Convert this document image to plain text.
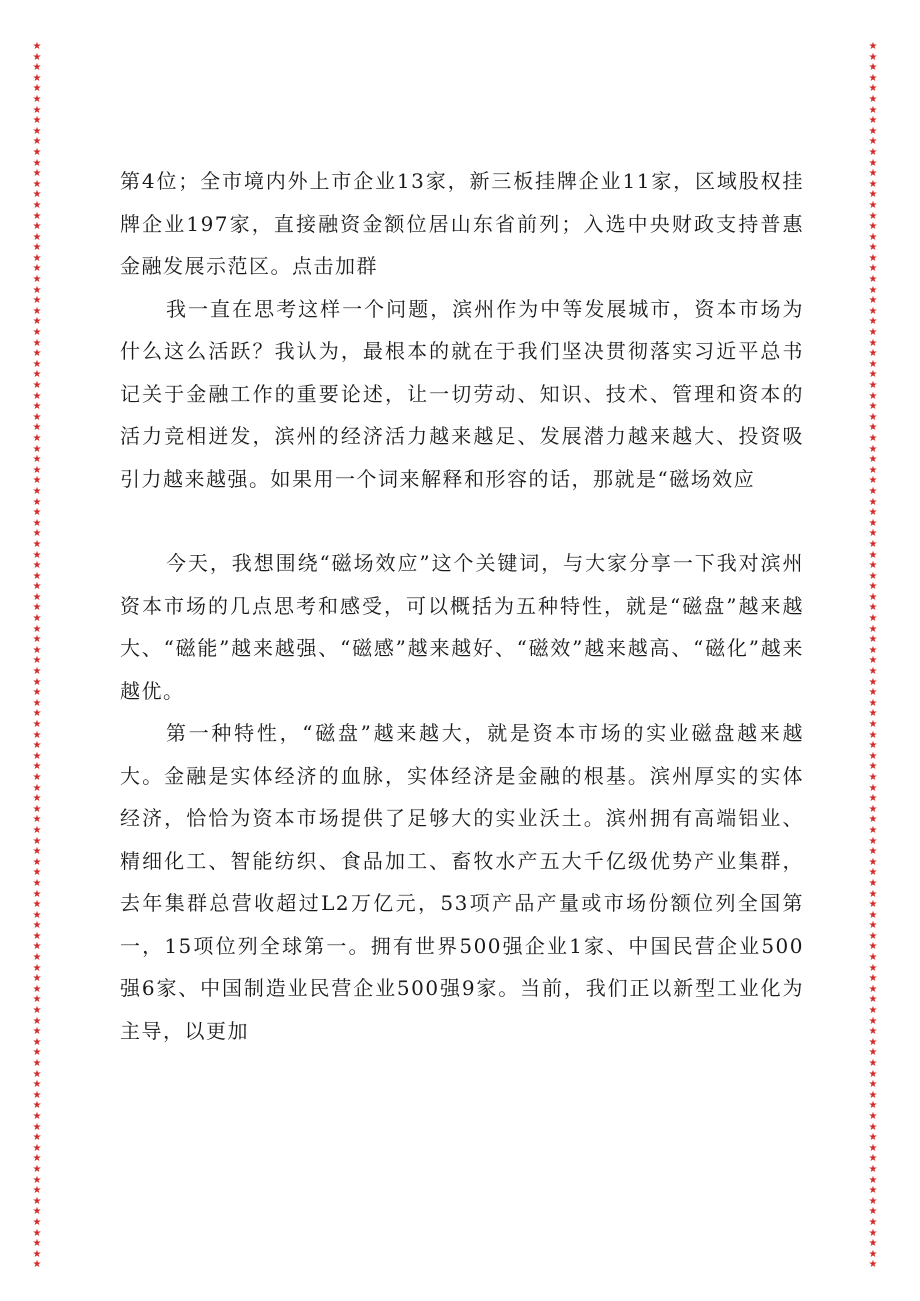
★
★
★
★
★
★
★
★
★
★
★
★
★
★
★
★
★
★
★
★
★
★
★
★
★
★
★
★
★
★
★
★
★
★
★
★
★
★
★
★
★
★
★
★
★
★
★
★
★
★
★
★
★
★
★
★
★
★
★
★
★
★
★
★
★
★
★
★
★
★
★
★
★
★
★
★
★
★
★
★
★
★
★
★
★
★
★
★
★
★
★
★
★
★
★
★
★
★
★
★
★
★
★
★
★
★
★
★
★
★
★
★
★
★
★
★
★
★
★
★
★
★
★
★
★
★
★
★
★
★
★
★
★
★
★
★
★
★
★
★
★
★
★
★
★
★
★
★
★
★
★
★
★
★
★
★
★
★
★
★
★
★
★
★
★
★
★
★
★
★
★
★
★
★
★
★
★
★
★
★
★
★
★
★
★
★
★
★
★
★
★
★
★
★
★
★
★
★
★
★
★
★
★
★
★
★
★
★
★
★
★
★
★
★
★
★
★
★
★
★
★
★
★
★
★
★
★
★
★
★
★
★

第4位；全市境内外上市企业13家，新三板挂牌企业11家，区域股权挂牌企业197家，直接融资金额位居山东省前列；入选中央财政支持普惠金融发展示范区。点击加群

我一直在思考这样一个问题，滨州作为中等发展城市，资本市场为什么这么活跃？我认为，最根本的就在于我们坚决贯彻落实习近平总书记关于金融工作的重要论述，让一切劳动、知识、技术、管理和资本的活力竞相迸发，滨州的经济活力越来越足、发展潜力越来越大、投资吸引力越来越强。如果用一个词来解释和形容的话，那就是“磁场效应

今天，我想围绕“磁场效应”这个关键词，与大家分享一下我对滨州资本市场的几点思考和感受，可以概括为五种特性，就是“磁盘”越来越大、“磁能”越来越强、“磁感”越来越好、“磁效”越来越高、“磁化”越来越优。

第一种特性，“磁盘”越来越大，就是资本市场的实业磁盘越来越大。金融是实体经济的血脉，实体经济是金融的根基。滨州厚实的实体经济，恰恰为资本市场提供了足够大的实业沃土。滨州拥有高端铝业、精细化工、智能纺织、食品加工、畜牧水产五大千亿级优势产业集群，去年集群总营收超过L2万亿元，53项产品产量或市场份额位列全国第一，15项位列全球第一。拥有世界500强企业1家、中国民营企业500强6家、中国制造业民营企业500强9家。当前，我们正以新型工业化为主导，以更加
